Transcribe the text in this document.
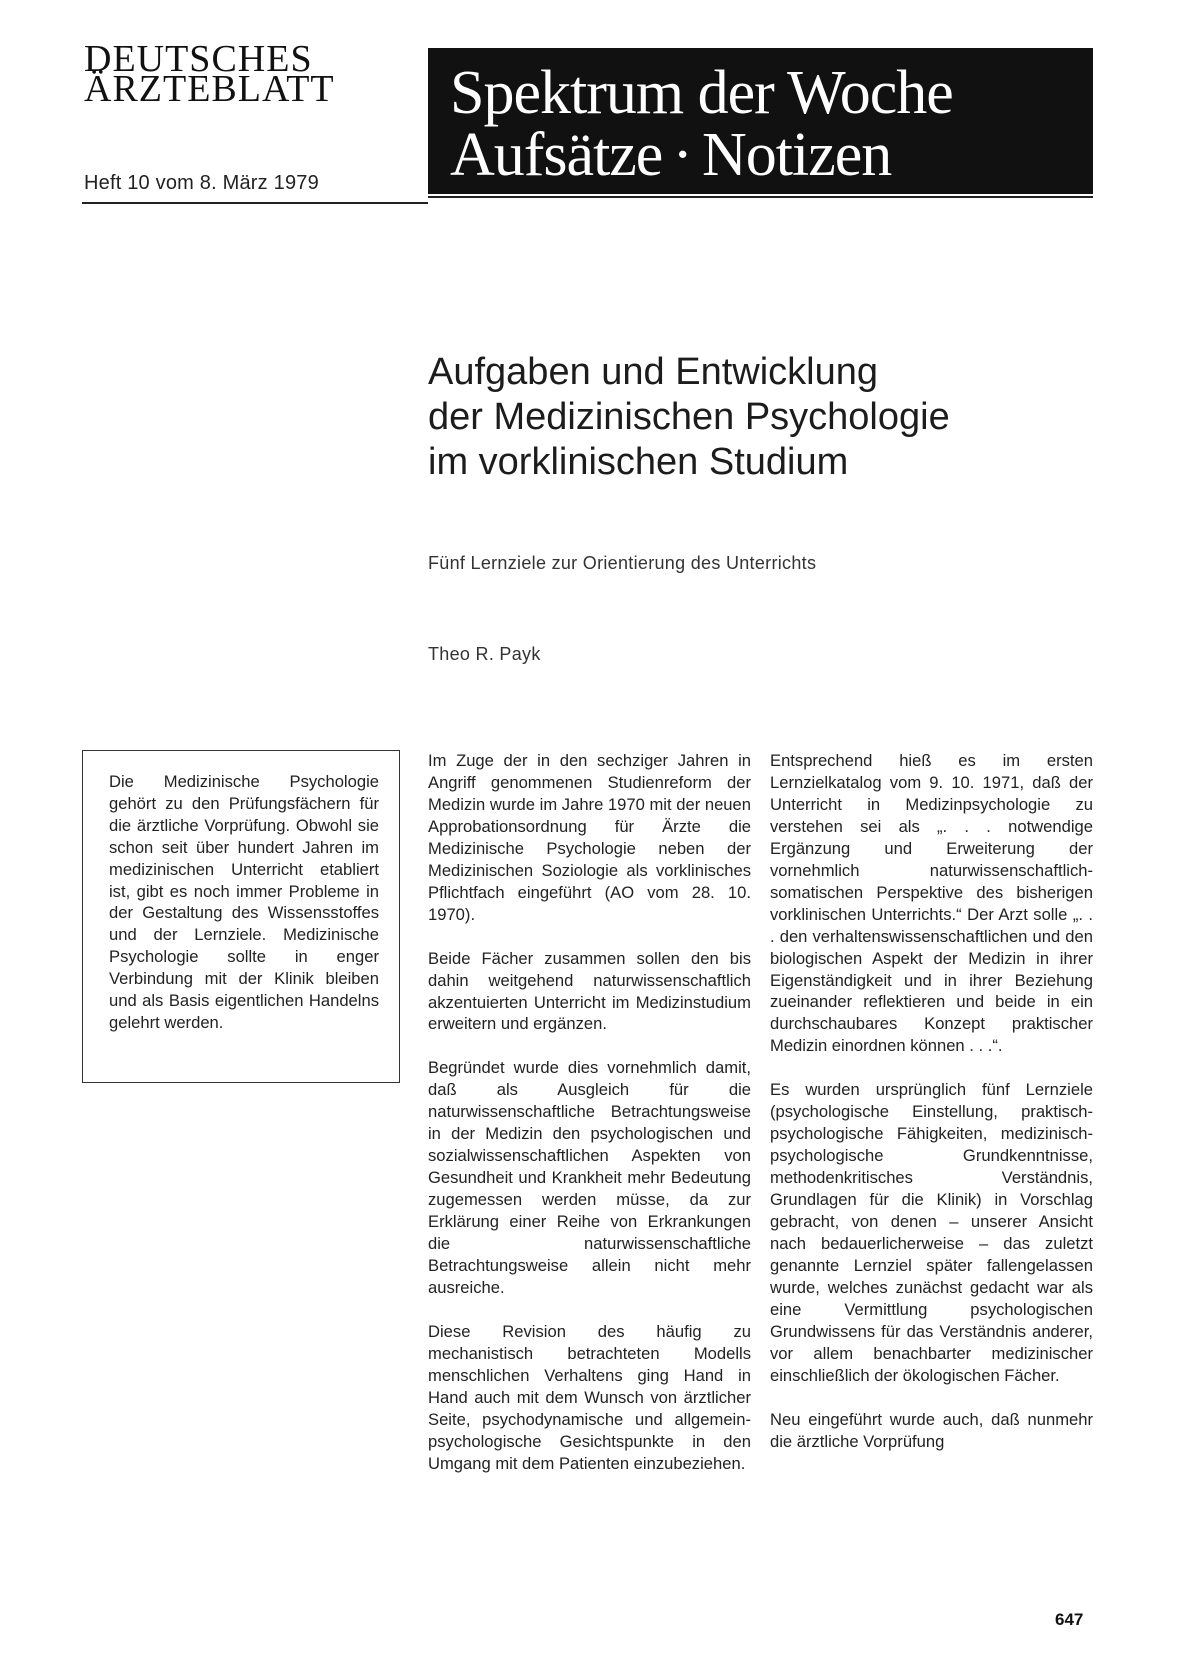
DEUTSCHES

ÄRZTEBLATT
Heft 10 vom 8. März 1979
Spektrum der Woche
Aufsätze · Notizen
Aufgaben und Entwicklung
der Medizinischen Psychologie
im vorklinischen Studium
Fünf Lernziele zur Orientierung des Unterrichts
Theo R. Payk

Die Medizinische Psychologie gehört zu den Prüfungsfächern für die ärztliche Vorprüfung. Obwohl sie schon seit über hundert Jahren im medizinischen Unterricht etabliert ist, gibt es noch immer Probleme in der Gestaltung des Wissensstoffes und der Lernziele. Medizinische Psychologie sollte in enger Verbindung mit der Klinik bleiben und als Basis eigentlichen Handelns gelehrt werden.

Im Zuge der in den sechziger Jahren in Angriff genommenen Studienreform der Medizin wurde im Jahre 1970 mit der neuen Approbationsordnung für Ärzte die Medizinische Psychologie neben der Medizinischen Soziologie als vorklinisches Pflichtfach eingeführt (AO vom 28. 10. 1970).

Beide Fächer zusammen sollen den bis dahin weitgehend naturwissenschaftlich akzentuierten Unterricht im Medizinstudium erweitern und ergänzen.

Begründet wurde dies vornehmlich damit, daß als Ausgleich für die naturwissenschaftliche Betrachtungsweise in der Medizin den psychologischen und sozialwissenschaftlichen Aspekten von Gesundheit und Krankheit mehr Bedeutung zugemessen werden müsse, da zur Erklärung einer Reihe von Erkrankungen die naturwissenschaftliche Betrachtungsweise allein nicht mehr ausreiche.

Diese Revision des häufig zu mechanistisch betrachteten Modells menschlichen Verhaltens ging Hand in Hand auch mit dem Wunsch von ärztlicher Seite, psychodynamische und allgemein-psychologische Gesichtspunkte in den Umgang mit dem Patienten einzubeziehen.

Entsprechend hieß es im ersten Lernzielkatalog vom 9. 10. 1971, daß der Unterricht in Medizinpsychologie zu verstehen sei als „. . . notwendige Ergänzung und Erweiterung der vornehmlich naturwissenschaftlich-somatischen Perspektive des bisherigen vorklinischen Unterrichts.“ Der Arzt solle „. . . den verhaltenswissenschaftlichen und den biologischen Aspekt der Medizin in ihrer Eigenständigkeit und in ihrer Beziehung zueinander reflektieren und beide in ein durchschaubares Konzept praktischer Medizin einordnen können . . .“.

Es wurden ursprünglich fünf Lernziele (psychologische Einstellung, praktisch-psychologische Fähigkeiten, medizinisch-psychologische Grundkenntnisse, methodenkritisches Verständnis, Grundlagen für die Klinik) in Vorschlag gebracht, von denen – unserer Ansicht nach bedauerlicherweise – das zuletzt genannte Lernziel später fallengelassen wurde, welches zunächst gedacht war als eine Vermittlung psychologischen Grundwissens für das Verständnis anderer, vor allem benachbarter medizinischer einschließlich der ökologischen Fächer.

Neu eingeführt wurde auch, daß nunmehr die ärztliche Vorprüfung

647
